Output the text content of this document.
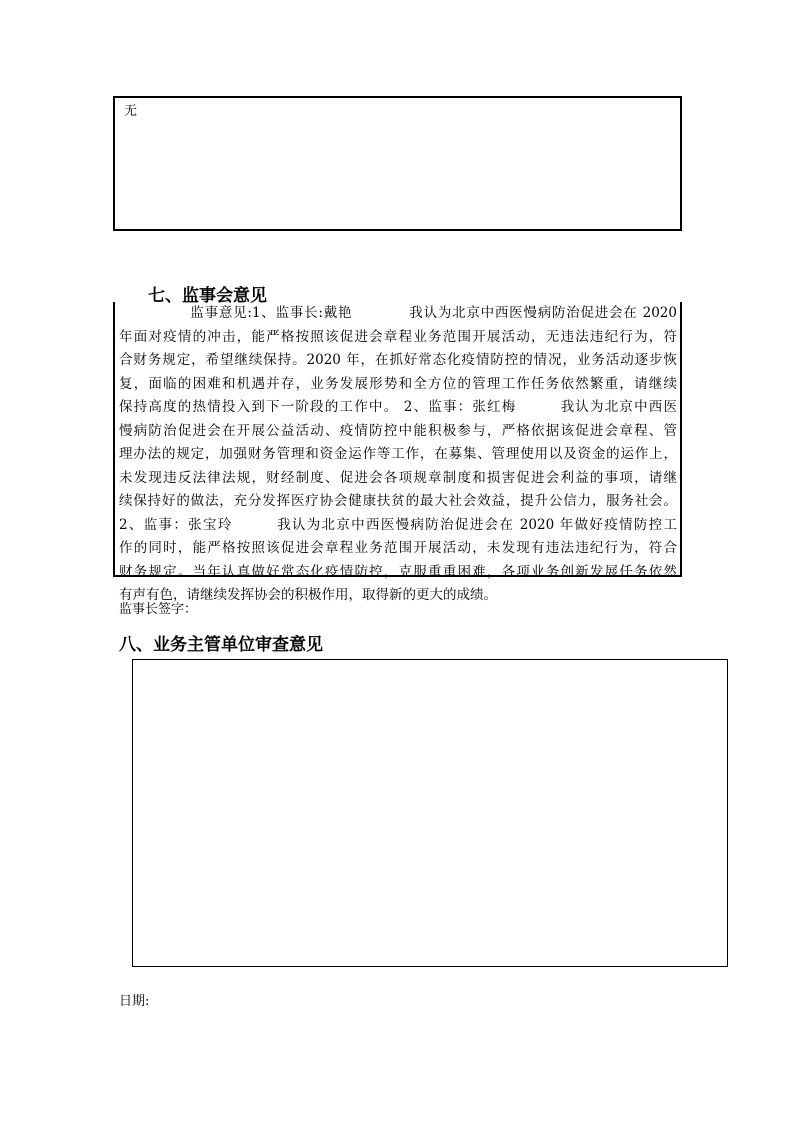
无
七、监事会意见
　　　　　监事意见:1、监事长:戴艳　　　　我认为北京中西医慢病防治促进会在 2020
年面对疫情的冲击，能严格按照该促进会章程业务范围开展活动，无违法违纪行为，符
合财务规定，希望继续保持。2020 年，在抓好常态化疫情防控的情况，业务活动逐步恢
复，面临的困难和机遇并存，业务发展形势和全方位的管理工作任务依然繁重，请继续
保持高度的热情投入到下一阶段的工作中。 2、监事：张红梅　　　我认为北京中西医
慢病防治促进会在开展公益活动、疫情防控中能积极参与，严格依据该促进会章程、管
理办法的规定，加强财务管理和资金运作等工作，在募集、管理使用以及资金的运作上，
未发现违反法律法规，财经制度、促进会各项规章制度和损害促进会利益的事项，请继
续保持好的做法，充分发挥医疗协会健康扶贫的最大社会效益，提升公信力，服务社会。
2、监事：张宝玲　　　我认为北京中西医慢病防治促进会在 2020 年做好疫情防控工
作的同时，能严格按照该促进会章程业务范围开展活动，未发现有违法违纪行为，符合
财务规定。当年认真做好常态化疫情防控，克服重重困难，各项业务创新发展任务依然
有声有色，请继续发挥协会的积极作用，取得新的更大的成绩。
监事长签字：
八、业务主管单位审查意见
日期:
